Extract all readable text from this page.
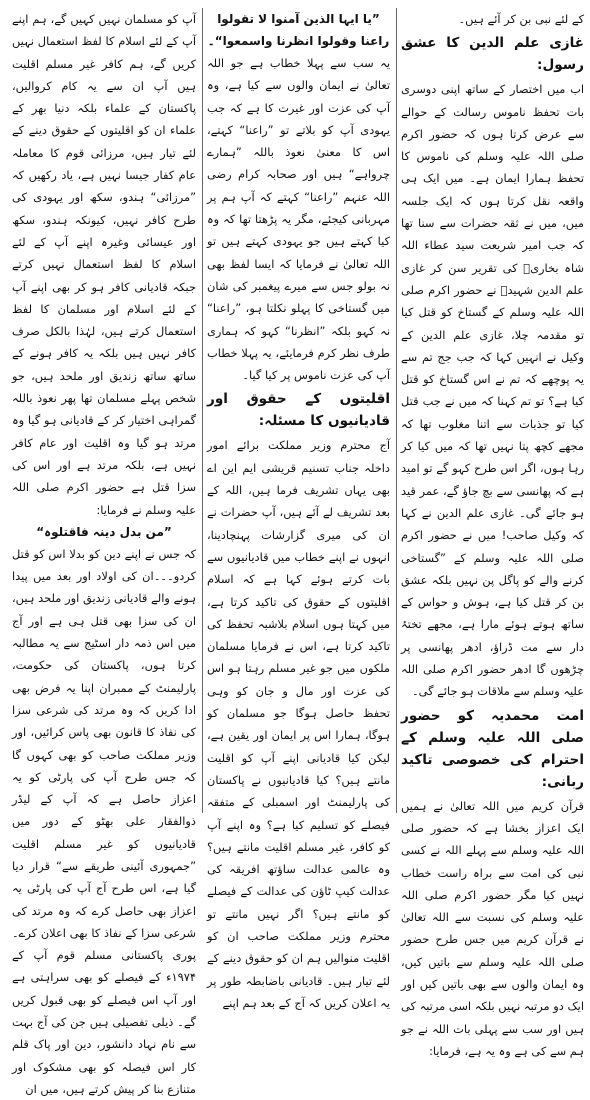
کے لئے نبی بن کر آئے ہیں۔

غازی علم الدین کا عشق رسول:

اب میں اختصار کے ساتھ اپنی دوسری بات تحفظ ناموس رسالت کے حوالے سے عرض کرتا ہوں کہ حضور اکرم صلی اللہ علیہ وسلم کی ناموس کا تحفظ ہمارا ایمان ہے۔ میں ایک ہی واقعہ نقل کرتا ہوں کہ ایک جلسہ میں، میں نے ثقہ حضرات سے سنا تھا کہ جب امیر شریعت سید عطاء اللہ شاہ بخاریؒ کی تقریر سن کر غازی علم الدین شہیدؒ نے حضور اکرم صلی اللہ علیہ وسلم کے گستاخ کو قتل کیا تو مقدمہ چلا، غازی علم الدین کے وکیل نے انہیں کہا کہ جب جج تم سے یہ پوچھے کہ تم نے اس گستاخ کو قتل کیا ہے؟ تو تم کہنا کہ میں نے جب قتل کیا تو جذبات سے اتنا مغلوب تھا کہ مجھے کچھ پتا نہیں تھا کہ میں کیا کر رہا ہوں، اگر اس طرح کہو گے تو امید ہے کہ پھانسی سے بچ جاؤ گے، عمر قید ہو جائے گی۔ غازی علم الدین نے کہا کہ وکیل صاحب! میں نے حضور اکرم صلی اللہ علیہ وسلم کے ”گستاخی کرنے والے کو پاگل پن نہیں بلکہ عشق بن کر قتل کیا ہے، ہوش و حواس کے ساتھ ہوتے ہوئے مارا ہے، مجھے تختۂ دار سے مت ڈراؤ، ادھر پھانسی پر چڑھوں گا ادھر حضور اکرم صلی اللہ علیہ وسلم سے ملاقات ہو جائے گی۔

امت محمدیہ کو حضور صلی اللہ علیہ وسلم کے احترام کی خصوصی تاکید ربانی:

قرآن کریم میں اللہ تعالیٰ نے ہمیں ایک اعزاز بخشا ہے کہ حضور صلی اللہ علیہ وسلم سے پہلے اللہ نے کسی نبی کی امت سے براہ راست خطاب نہیں کیا مگر حضور اکرم صلی اللہ علیہ وسلم کی نسبت سے اللہ تعالیٰ نے قرآن کریم میں جس طرح حضور صلی اللہ علیہ وسلم سے باتیں کیں، وہ ایمان والوں سے بھی باتیں کیں اور ایک دو مرتبہ نہیں بلکہ اسی مرتبہ کی ہیں اور سب سے پہلی بات اللہ نے جو ہم سے کی ہے وہ یہ ہے، فرمایا:

”یا ایہا الذین آمنوا لا تقولوا راعنا وقولوا انظرنا واسمعوا“۔

یہ سب سے پہلا خطاب ہے جو اللہ تعالیٰ نے ایمان والوں سے کیا ہے، وہ آپ کی عزت اور غیرت کا ہے کہ جب یہودی آپ کو بلاتے تو ”راعنا“ کہتے، اس کا معنیٰ نعوذ باللہ ”ہمارے چرواہے“ ہیں اور صحابہ کرام رضی اللہ عنہم ”راعنا“ کہتے کہ آپ ہم پر مہربانی کیجئے، مگر یہ پڑھتا تھا کہ وہ کیا کہتے ہیں جو یہودی کہتے ہیں تو اللہ تعالیٰ نے فرمایا کہ ایسا لفظ بھی نہ بولو جس سے میرے پیغمبر کی شان میں گستاخی کا پہلو نکلتا ہو، ”راعنا“ نہ کہو بلکہ ”انظرنا“ کہو کہ ہماری طرف نظر کرم فرمایئے، یہ پہلا خطاب آپ کی عزت ناموس پر کیا گیا۔

اقلیتوں کے حقوق اور قادیانیوں کا مسئلہ:

آج محترم وزیر مملکت برائے امور داخلہ جناب تسنیم قریشی ایم این اے بھی یہاں تشریف فرما ہیں، اللہ کے بعد تشریف لے آئے ہیں، آپ حضرات نے ان کی میری گزارشات پہنچادینا، انہوں نے اپنے خطاب میں قادیانیوں سے بات کرتے ہوئے کہا ہے کہ اسلام اقلیتوں کے حقوق کی تاکید کرتا ہے، میں کہتا ہوں اسلام بلاشبہ تحفظ کی تاکید کرتا ہے، اس نے فرمایا مسلمان ملکوں میں جو غیر مسلم رہتا ہو اس کی عزت اور مال و جان کو وہی تحفظ حاصل ہوگا جو مسلمان کو ہوگا، ہمارا اس پر ایمان اور یقین ہے، لیکن کیا قادیانی اپنے آپ کو اقلیت مانتے ہیں؟ کیا قادیانیوں نے پاکستان کی پارلیمنٹ اور اسمبلی کے متفقہ فیصلے کو تسلیم کیا ہے؟ وہ اپنے آپ کو کافر، غیر مسلم اقلیت مانتے ہیں؟ وہ عالمی عدالت ساؤتھ افریقہ کی عدالت کیپ ٹاؤن کی عدالت کے فیصلے کو مانتے ہیں؟ اگر نہیں مانتے تو محترم وزیر مملکت صاحب ان کو اقلیت منوالیں ہم ان کو حقوق دینے کے لئے تیار ہیں۔ قادیانی باضابطہ طور پر یہ اعلان کریں کہ آج کے بعد ہم اپنے

آپ کو مسلمان نہیں کہیں گے، ہم اپنے آپ کے لئے اسلام کا لفظ استعمال نہیں کریں گے، ہم کافر غیر مسلم اقلیت ہیں آپ ان سے یہ کام کروالیں، پاکستان کے علماء بلکہ دنیا بھر کے علماء ان کو اقلیتوں کے حقوق دینے کے لئے تیار ہیں، مرزائی قوم کا معاملہ عام کفار جیسا نہیں ہے، یاد رکھیں کہ ”مرزائی“ ہندو، سکھ اور یہودی کی طرح کافر نہیں، کیونکہ ہندو، سکھ اور عیسائی وغیرہ اپنے آپ کے لئے اسلام کا لفظ استعمال نہیں کرتے جبکہ قادیانی کافر ہو کر بھی اپنے آپ کے لئے اسلام اور مسلمان کا لفظ استعمال کرتے ہیں، لہٰذا بالکل صرف کافر نہیں ہیں بلکہ یہ کافر ہونے کے ساتھ ساتھ زندیق اور ملحد ہیں، جو شخص پہلے مسلمان تھا پھر نعوذ باللہ گمراہی اختیار کر کے قادیانی ہو گیا وہ مرتد ہو گیا وہ اقلیت اور عام کافر نہیں ہے، بلکہ مرتد ہے اور اس کی سزا قتل ہے حضور اکرم صلی اللہ علیہ وسلم نے فرمایا:

”من بدل دینہ فاقتلوہ“

کہ جس نے اپنے دین کو بدلا اس کو قتل کردو۔۔۔ان کی اولاد اور بعد میں پیدا ہونے والے قادیانی زندیق اور ملحد ہیں، ان کی سزا بھی قتل ہی ہے اور آج میں اس ذمہ دار اسٹیج سے یہ مطالبہ کرتا ہوں، پاکستان کی حکومت، پارلیمنٹ کے ممبران اپنا یہ فرض بھی ادا کریں کہ وہ مرتد کی شرعی سزا کی نفاذ کا قانون بھی پاس کرائیں، اور وزیر مملکت صاحب کو بھی کہوں گا کہ جس طرح آپ کی پارٹی کو یہ اعزاز حاصل ہے کہ آپ کے لیڈر ذوالفقار علی بھٹو کے دور میں قادیانیوں کو غیر مسلم اقلیت ”جمہوری آئینی طریقے سے“ قرار دیا گیا ہے، اس طرح آج آپ کی پارٹی یہ اعزاز بھی حاصل کرے کہ وہ مرتد کی شرعی سزا کے نفاذ کا بھی اعلان کرے۔ پوری پاکستانی مسلم قوم آپ کے ۱۹۷۴ء کے فیصلے کو بھی سراہتی ہے اور آپ اس فیصلے کو بھی قبول کریں گے۔ ذیلی تفصیلی ہیں جن کی آج بہت سے نام نہاد دانشور، دین اور پاک قلم کار اس فیصلہ کو بھی مشکوک اور متنازع بنا کر پیش کرتے ہیں، میں ان
